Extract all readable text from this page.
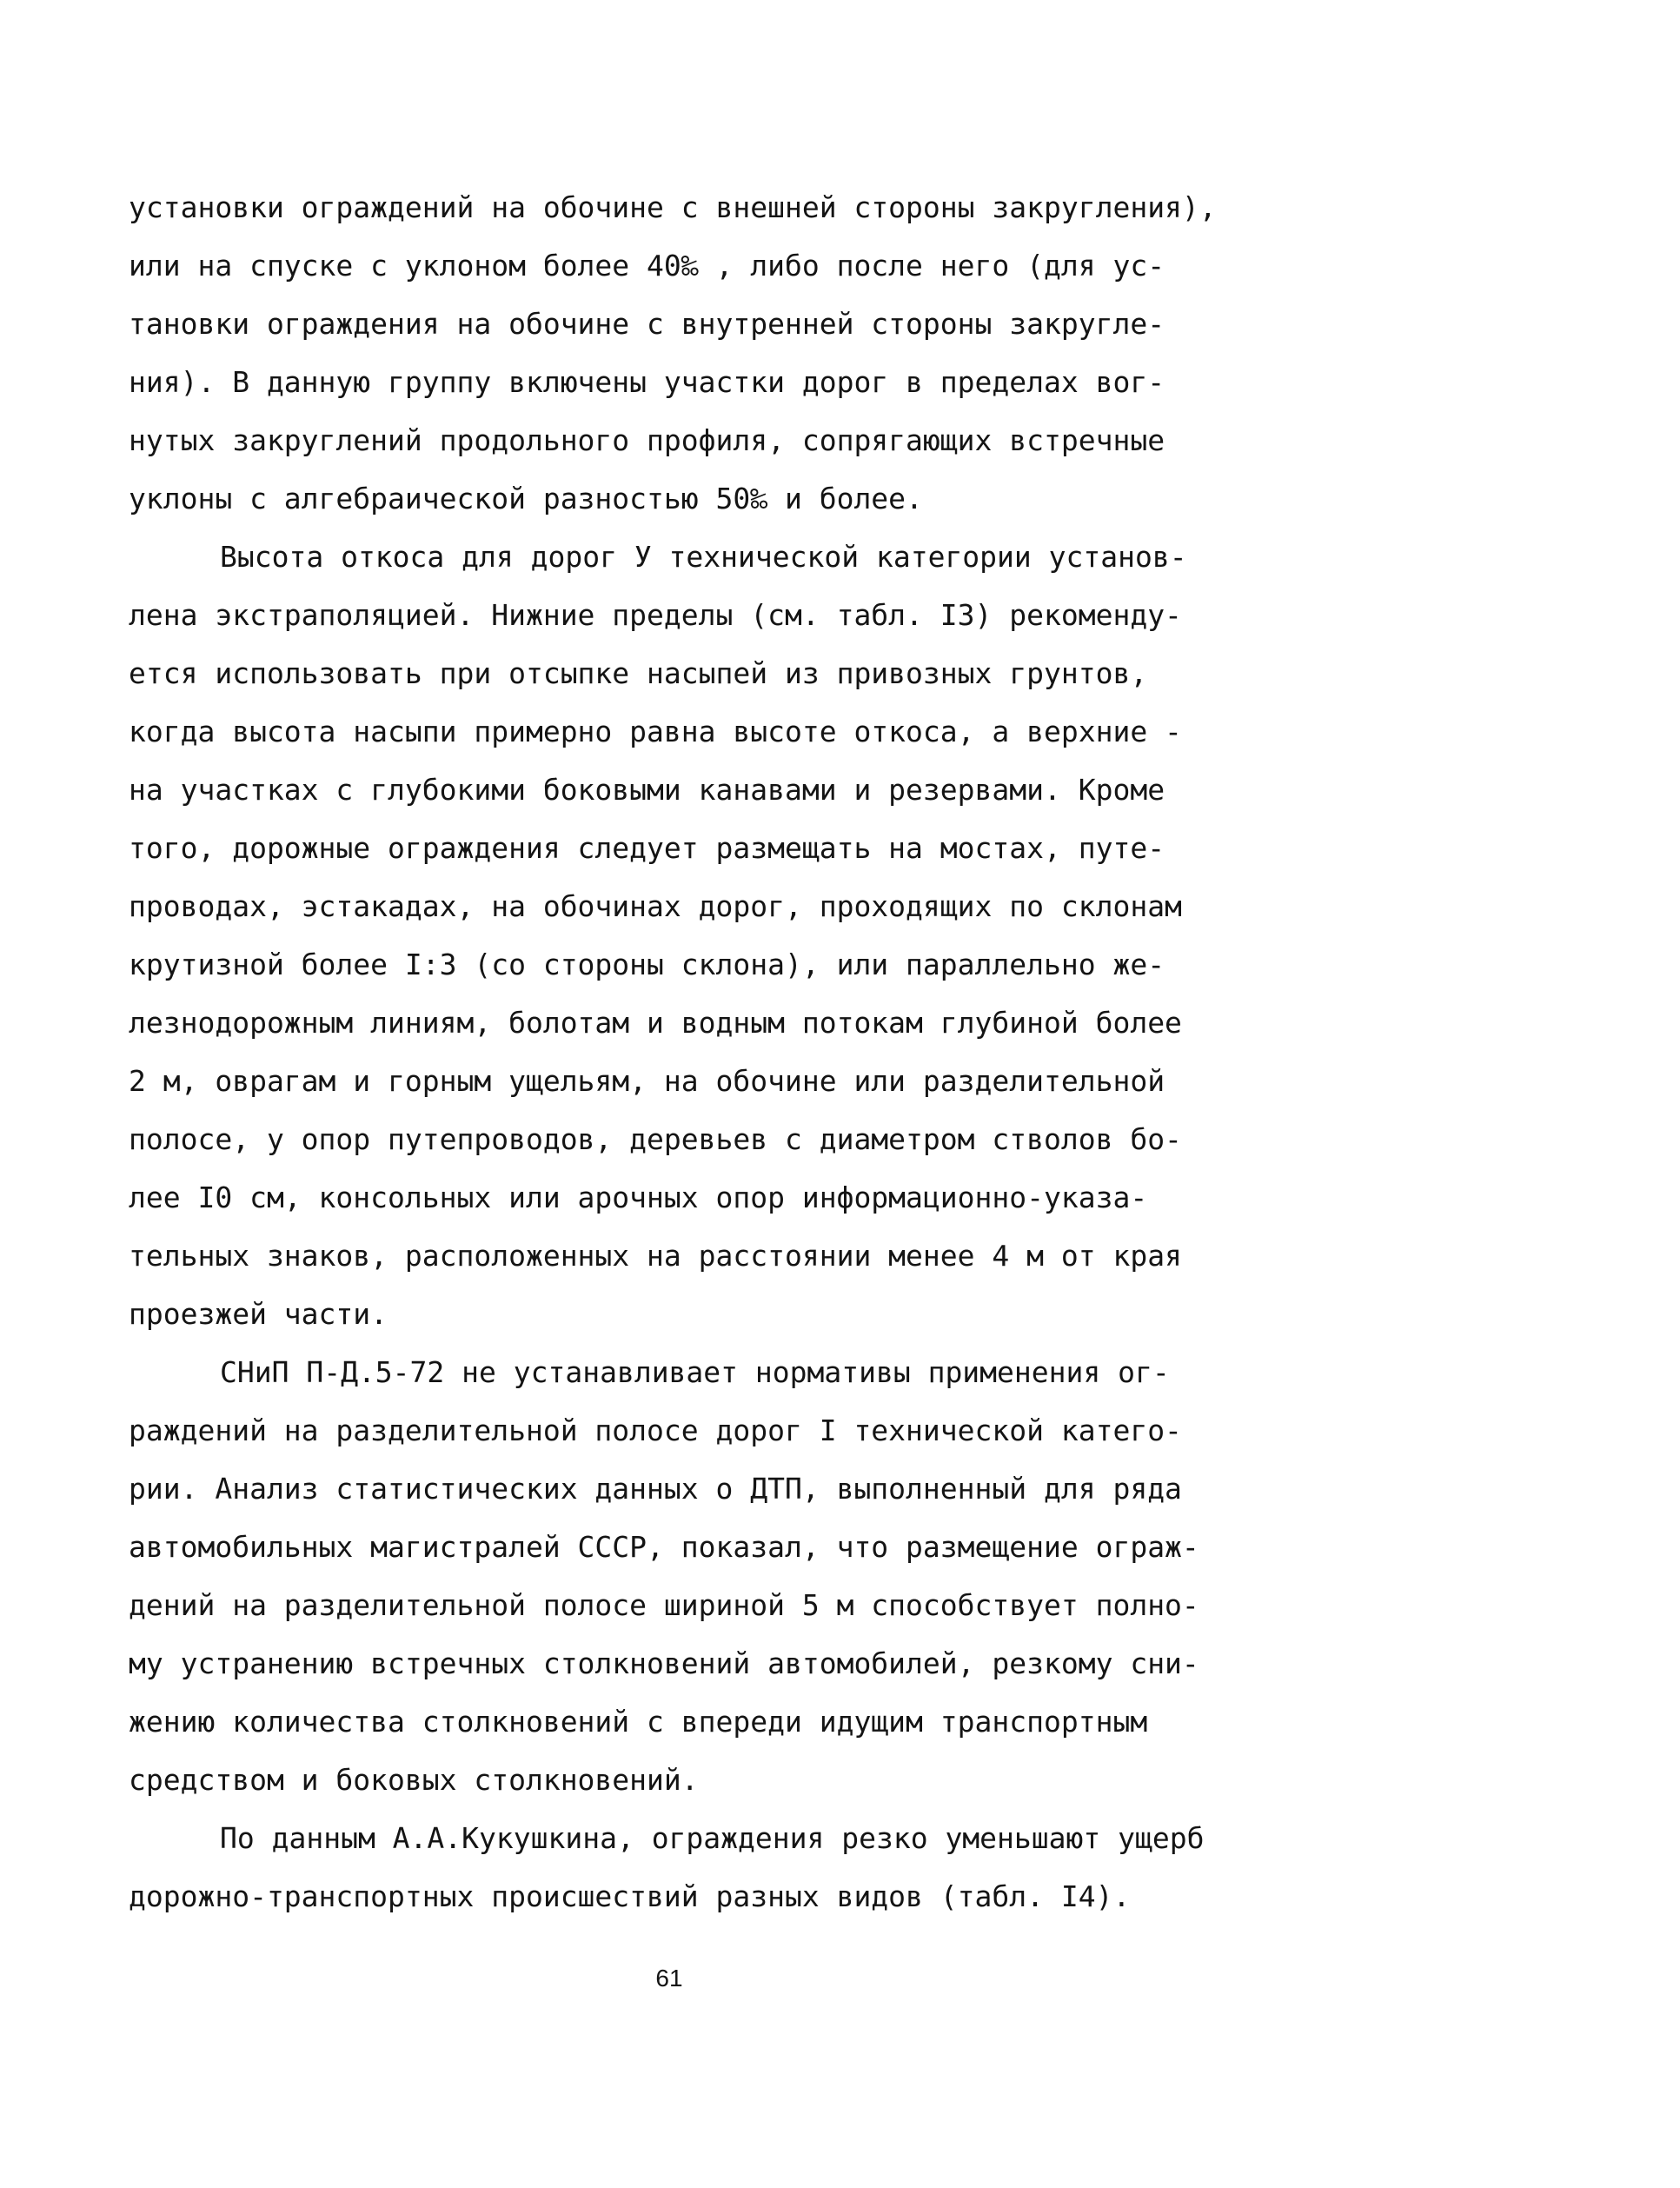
установки ограждений на обочине с внешней стороны закругления),
или на спуске с уклоном более 40‰ , либо после него (для ус-
тановки ограждения на обочине с внутренней стороны закругле-
ния). В данную группу включены участки дорог в пределах вог-
нутых закруглений продольного профиля, сопрягающих встречные
уклоны с алгебраической разностью 50‰ и более.
Высота откоса для дорог У технической категории установ-
лена экстраполяцией. Нижние пределы (см. табл. I3) рекоменду-
ется использовать при отсыпке насыпей из привозных грунтов,
когда высота насыпи примерно равна высоте откоса, а верхние -
на участках с глубокими боковыми канавами и резервами. Кроме
того, дорожные ограждения следует размещать на мостах, путе-
проводах, эстакадах, на обочинах дорог, проходящих по склонам
крутизной более I:3 (со стороны склона), или параллельно же-
лезнодорожным линиям, болотам и водным потокам глубиной более
2 м, оврагам и горным ущельям, на обочине или разделительной
полосе, у опор путепроводов, деревьев с диаметром стволов бо-
лее I0 см, консольных или арочных опор информационно-указа-
тельных знаков, расположенных на расстоянии менее 4 м от края
проезжей части.
СНиП П-Д.5-72 не устанавливает нормативы применения ог-
раждений на разделительной полосе дорог I технической катего-
рии. Анализ статистических данных о ДТП, выполненный для ряда
автомобильных магистралей СССР, показал, что размещение ограж-
дений на разделительной полосе шириной 5 м способствует полно-
му устранению встречных столкновений автомобилей, резкому сни-
жению количества столкновений с впереди идущим транспортным
средством и боковых столкновений.
По данным А.А.Кукушкина, ограждения резко уменьшают ущерб
дорожно-транспортных происшествий разных видов (табл. I4).
61
